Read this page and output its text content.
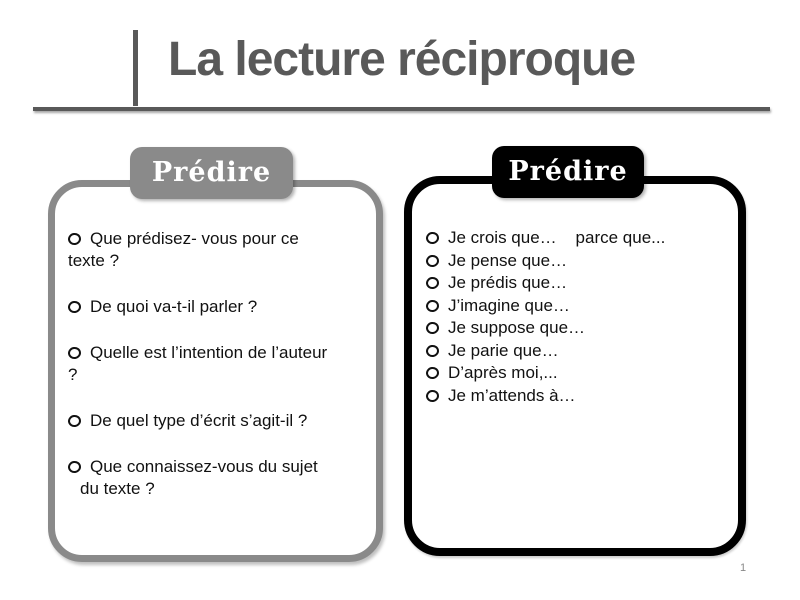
La lecture réciproque
Prédire

Que prédisez- vous pour ce texte ?

De quoi va-t-il parler ?

Quelle est l’intention de l’auteur ?

De quel type d’écrit s’agit-il ?

Que connaissez-vous du sujet du texte ?

Prédire

Je crois que…    parce que...

Je pense que…

Je prédis que…

J’imagine que…

Je suppose que…

Je parie que…

D’après moi,...

Je m’attends à…

1
